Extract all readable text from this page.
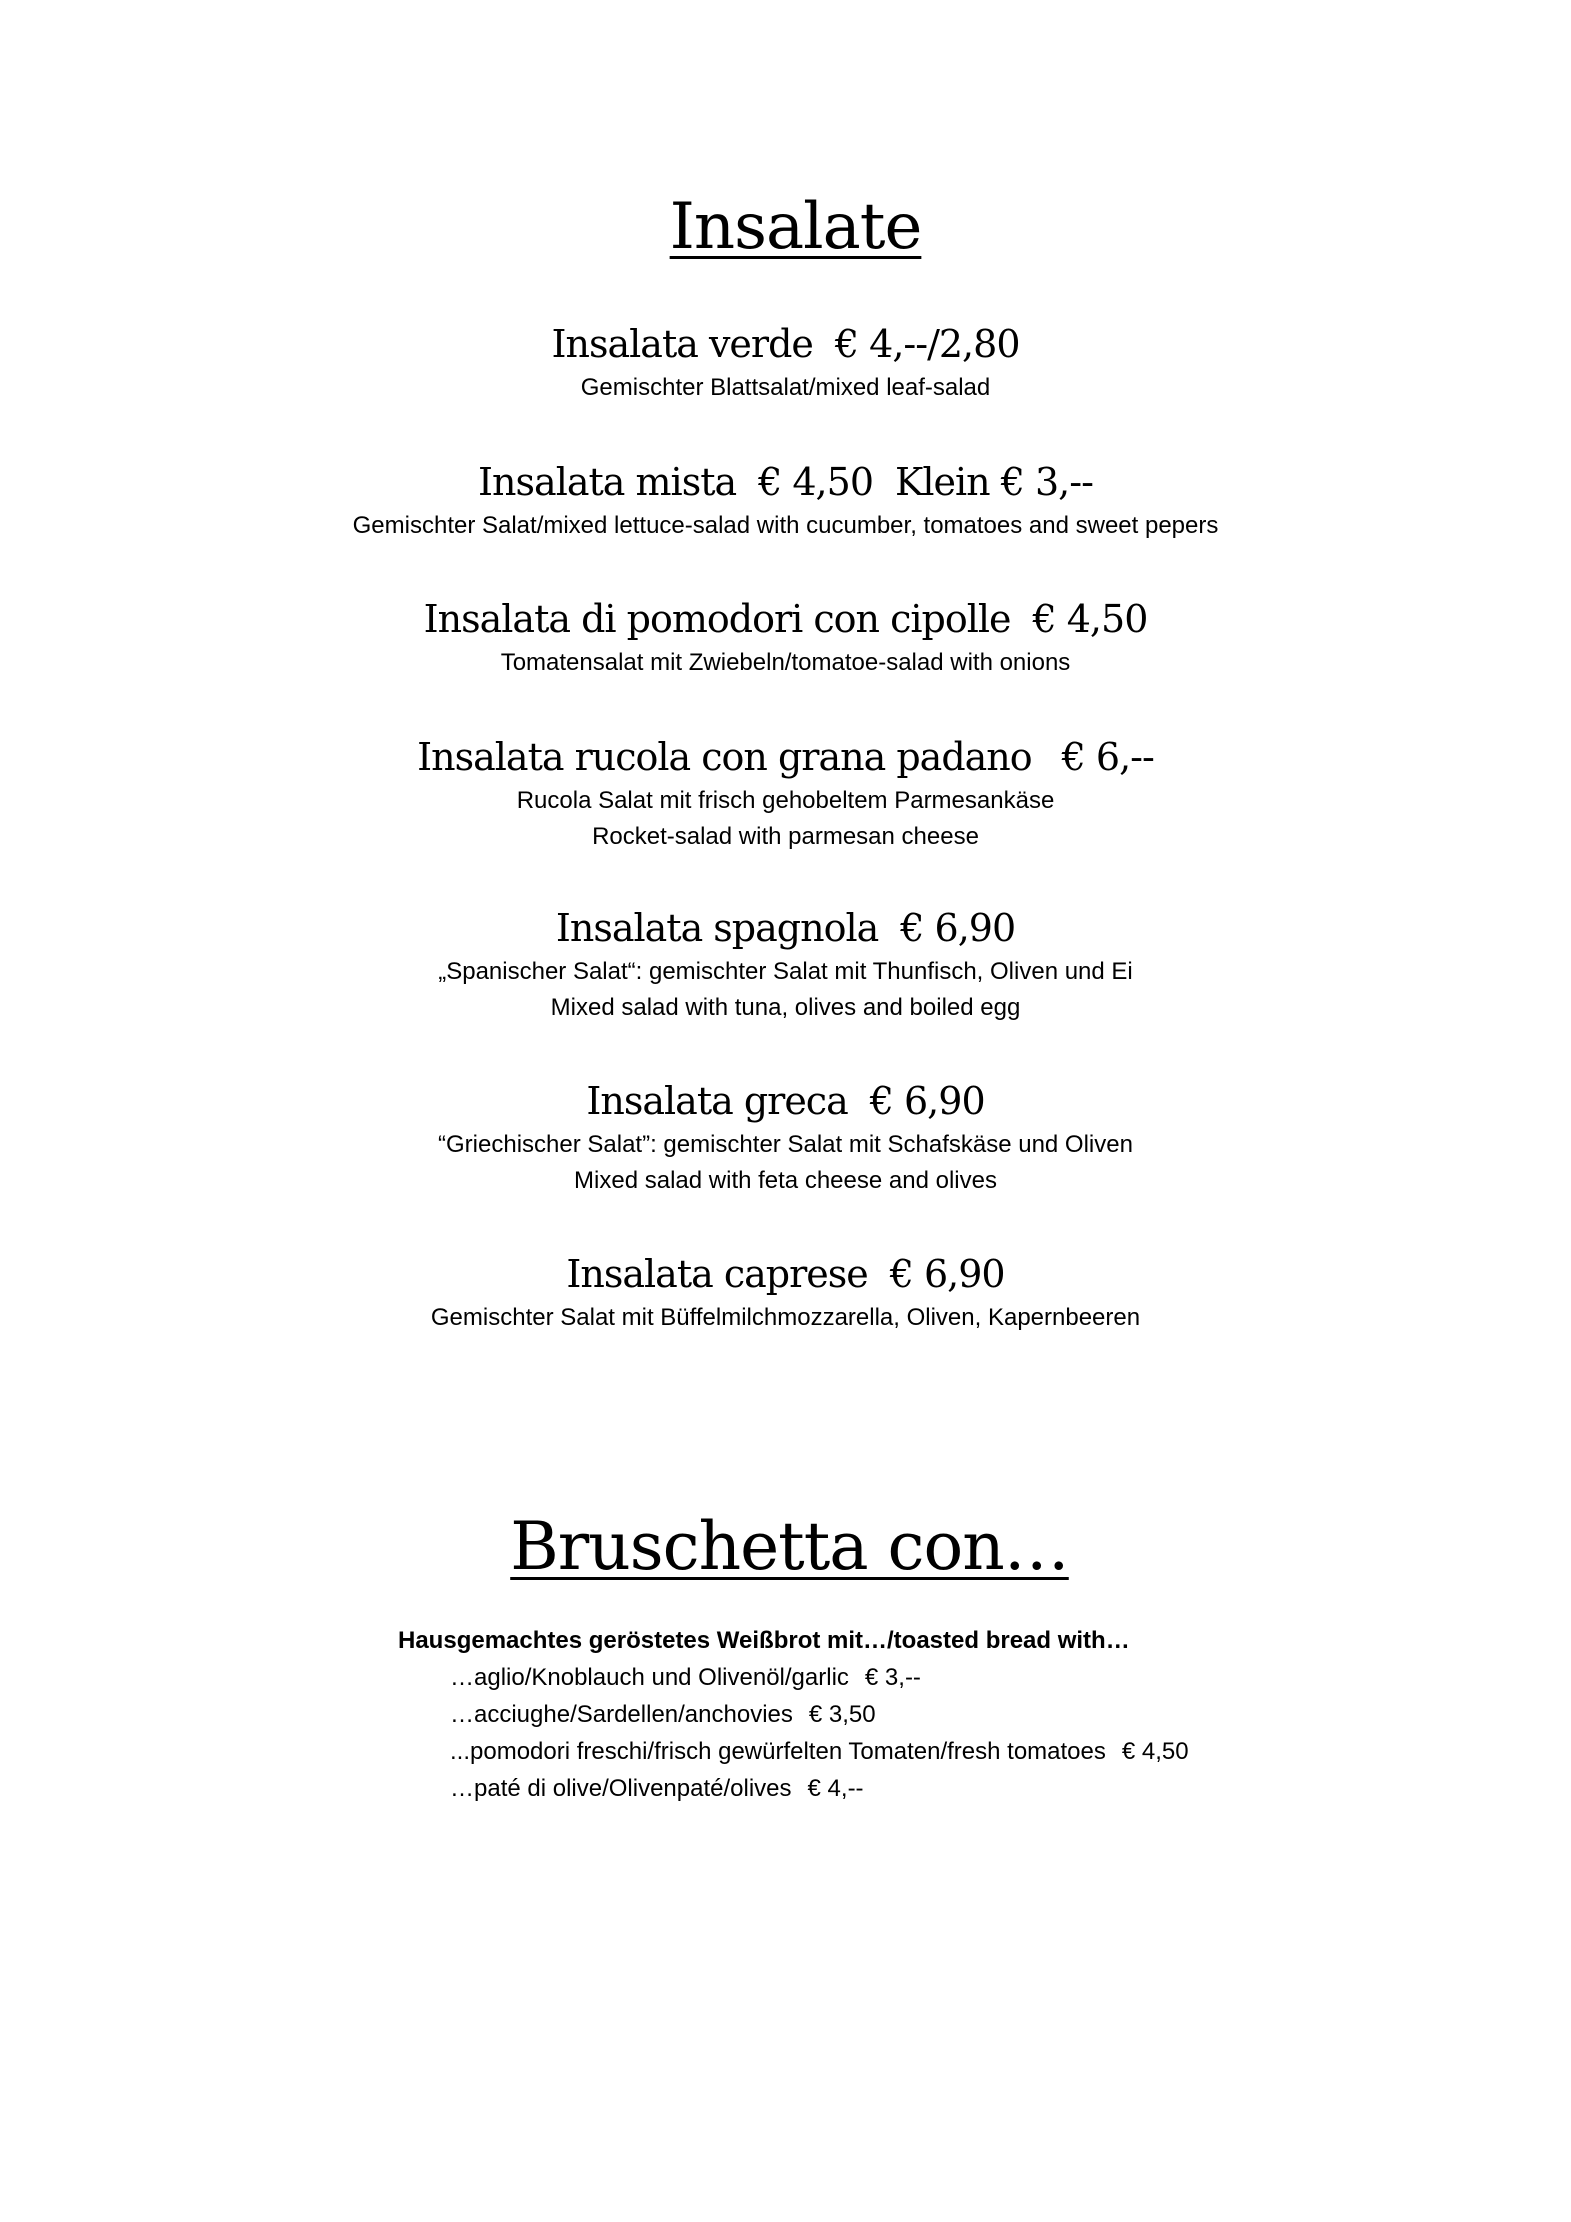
Insalate
Insalata verde € 4,--/2,80
Gemischter Blattsalat/mixed leaf-salad
Insalata mista € 4,50 Klein € 3,--
Gemischter Salat/mixed lettuce-salad with cucumber, tomatoes and sweet pepers
Insalata di pomodori con cipolle € 4,50
Tomatensalat mit Zwiebeln/tomatoe-salad with onions
Insalata rucola con grana padano € 6,--
Rucola Salat mit frisch gehobeltem Parmesankäse
Rocket-salad with parmesan cheese
Insalata spagnola € 6,90
„Spanischer Salat“: gemischter Salat mit Thunfisch, Oliven und Ei
Mixed salad with tuna, olives and boiled egg
Insalata greca € 6,90
“Griechischer Salat”: gemischter Salat mit Schafskäse und Oliven
Mixed salad with feta cheese and olives
Insalata caprese € 6,90
Gemischter Salat mit Büffelmilchmozzarella, Oliven, Kapernbeeren
Bruschetta con…
Hausgemachtes geröstetes Weißbrot mit…/toasted bread with…
…aglio/Knoblauch und Olivenöl/garlic € 3,--
…acciughe/Sardellen/anchovies € 3,50
...pomodori freschi/frisch gewürfelten Tomaten/fresh tomatoes € 4,50
…paté di olive/Olivenpaté/olives € 4,--
